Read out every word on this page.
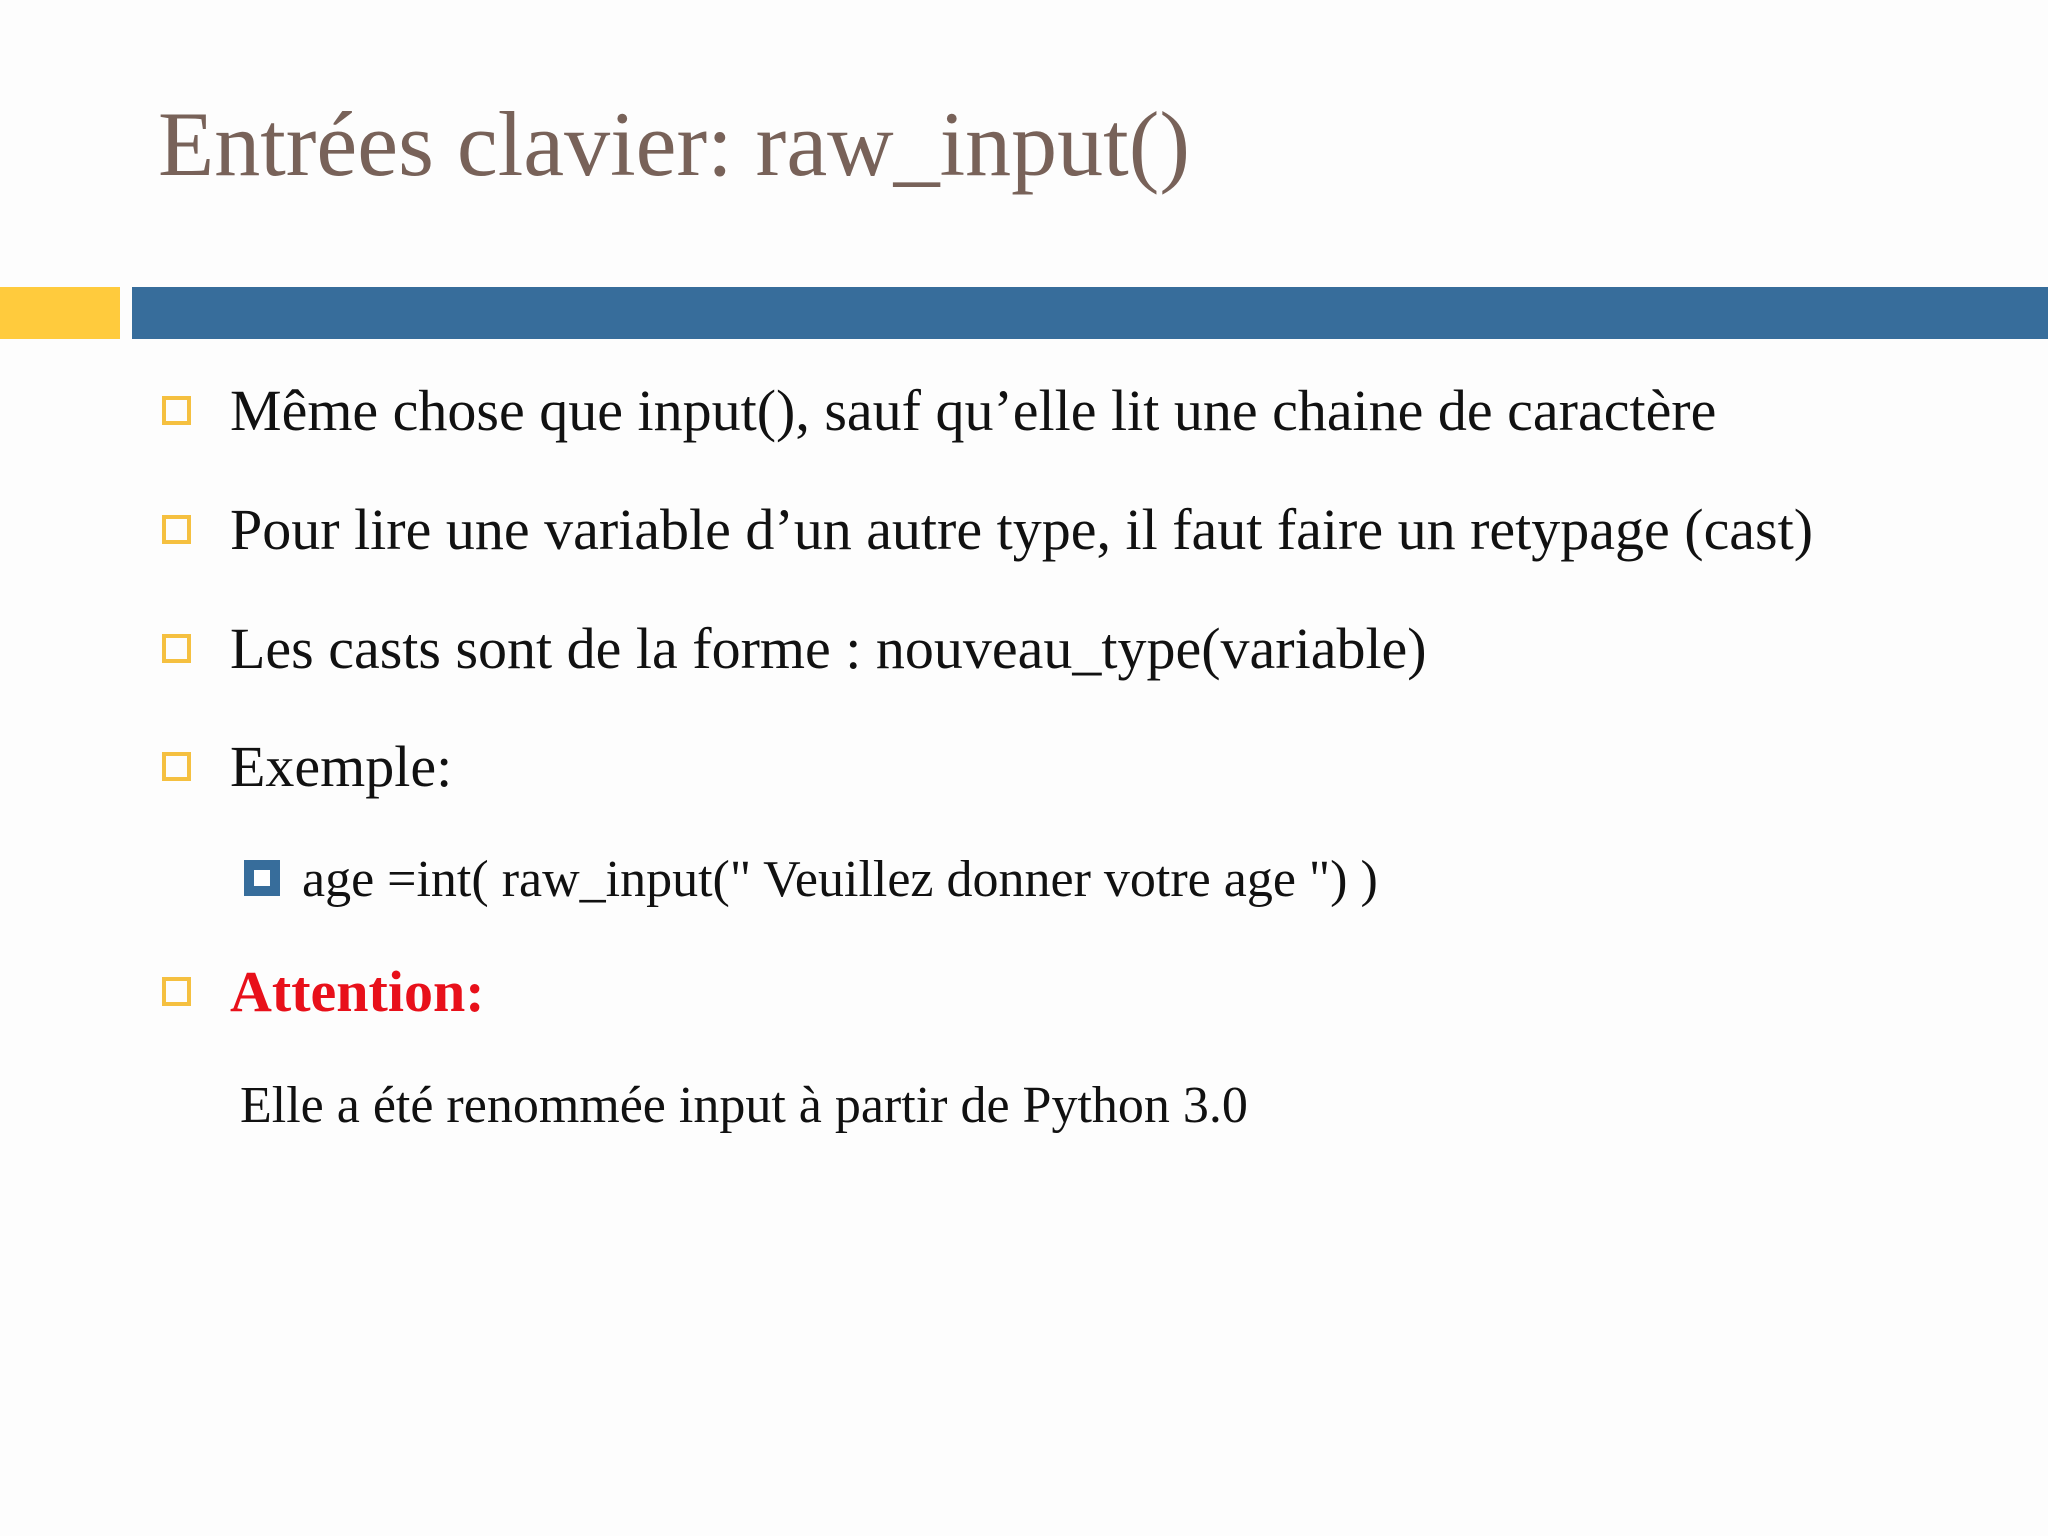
Entrées clavier: raw_input()
Même chose que input(), sauf qu’elle lit une chaine de caractère
Pour lire une variable d’un autre type, il faut faire un retypage (cast)
Les casts sont de la forme : nouveau_type(variable)
Exemple:
age =int( raw_input(" Veuillez donner votre age ") )
Attention:
Elle a été renommée input à partir de Python 3.0
